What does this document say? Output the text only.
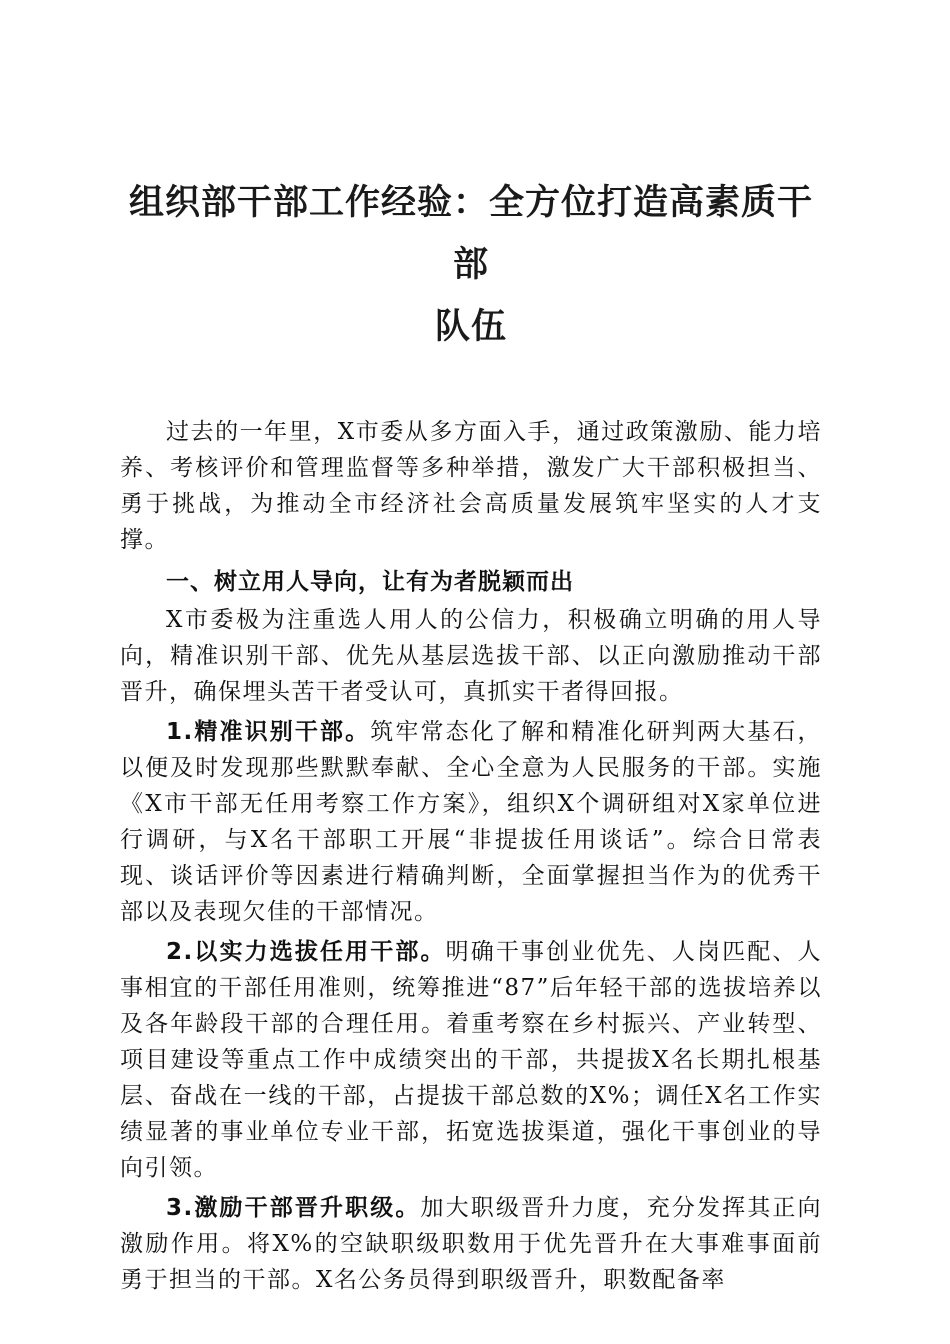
组织部干部工作经验：全方位打造高素质干部
队伍

过去的一年里，X市委从多方面入手，通过政策激励、能力培养、考核评价和管理监督等多种举措，激发广大干部积极担当、勇于挑战，为推动全市经济社会高质量发展筑牢坚实的人才支撑。

一、树立用人导向，让有为者脱颖而出

X市委极为注重选人用人的公信力，积极确立明确的用人导向，精准识别干部、优先从基层选拔干部、以正向激励推动干部晋升，确保埋头苦干者受认可，真抓实干者得回报。

1.精准识别干部。筑牢常态化了解和精准化研判两大基石，以便及时发现那些默默奉献、全心全意为人民服务的干部。实施《X市干部无任用考察工作方案》，组织X个调研组对X家单位进行调研，与X名干部职工开展“非提拔任用谈话”。综合日常表现、谈话评价等因素进行精确判断，全面掌握担当作为的优秀干部以及表现欠佳的干部情况。

2.以实力选拔任用干部。明确干事创业优先、人岗匹配、人事相宜的干部任用准则，统筹推进“87”后年轻干部的选拔培养以及各年龄段干部的合理任用。着重考察在乡村振兴、产业转型、项目建设等重点工作中成绩突出的干部，共提拔X名长期扎根基层、奋战在一线的干部，占提拔干部总数的X%；调任X名工作实绩显著的事业单位专业干部，拓宽选拔渠道，强化干事创业的导向引领。

3.激励干部晋升职级。加大职级晋升力度，充分发挥其正向激励作用。将X%的空缺职级职数用于优先晋升在大事难事面前勇于担当的干部。X名公务员得到职级晋升，职数配备率
